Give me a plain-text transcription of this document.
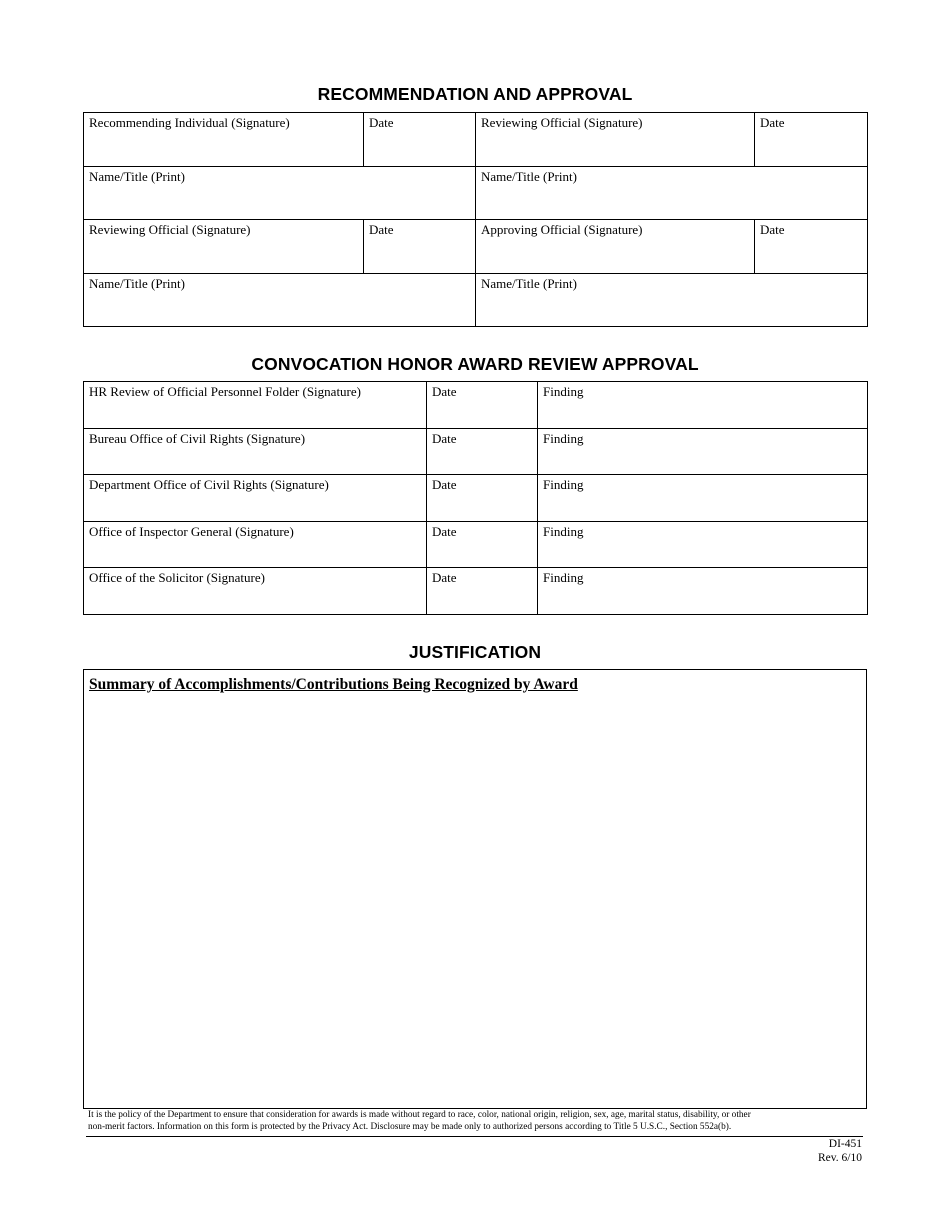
RECOMMENDATION AND APPROVAL
Recommending Individual (Signature)	Date	Reviewing Official (Signature)	Date
Name/Title (Print)		Name/Title (Print)	
Reviewing Official (Signature)	Date	Approving Official (Signature)	Date
Name/Title (Print)		Name/Title (Print)	
CONVOCATION HONOR AWARD REVIEW APPROVAL
HR Review of Official Personnel Folder (Signature)	Date	Finding
Bureau Office of Civil Rights (Signature)	Date	Finding
Department Office of Civil Rights (Signature)	Date	Finding
Office of Inspector General (Signature)	Date	Finding
Office of the Solicitor (Signature)	Date	Finding
JUSTIFICATION
Summary of Accomplishments/Contributions Being Recognized by Award
It is the policy of the Department to ensure that consideration for awards is made without regard to race, color, national origin, religion, sex, age, marital status, disability, or other
non-merit factors. Information on this form is protected by the Privacy Act. Disclosure may be made only to authorized persons according to Title 5 U.S.C., Section 552a(b).
DI-451
Rev. 6/10
